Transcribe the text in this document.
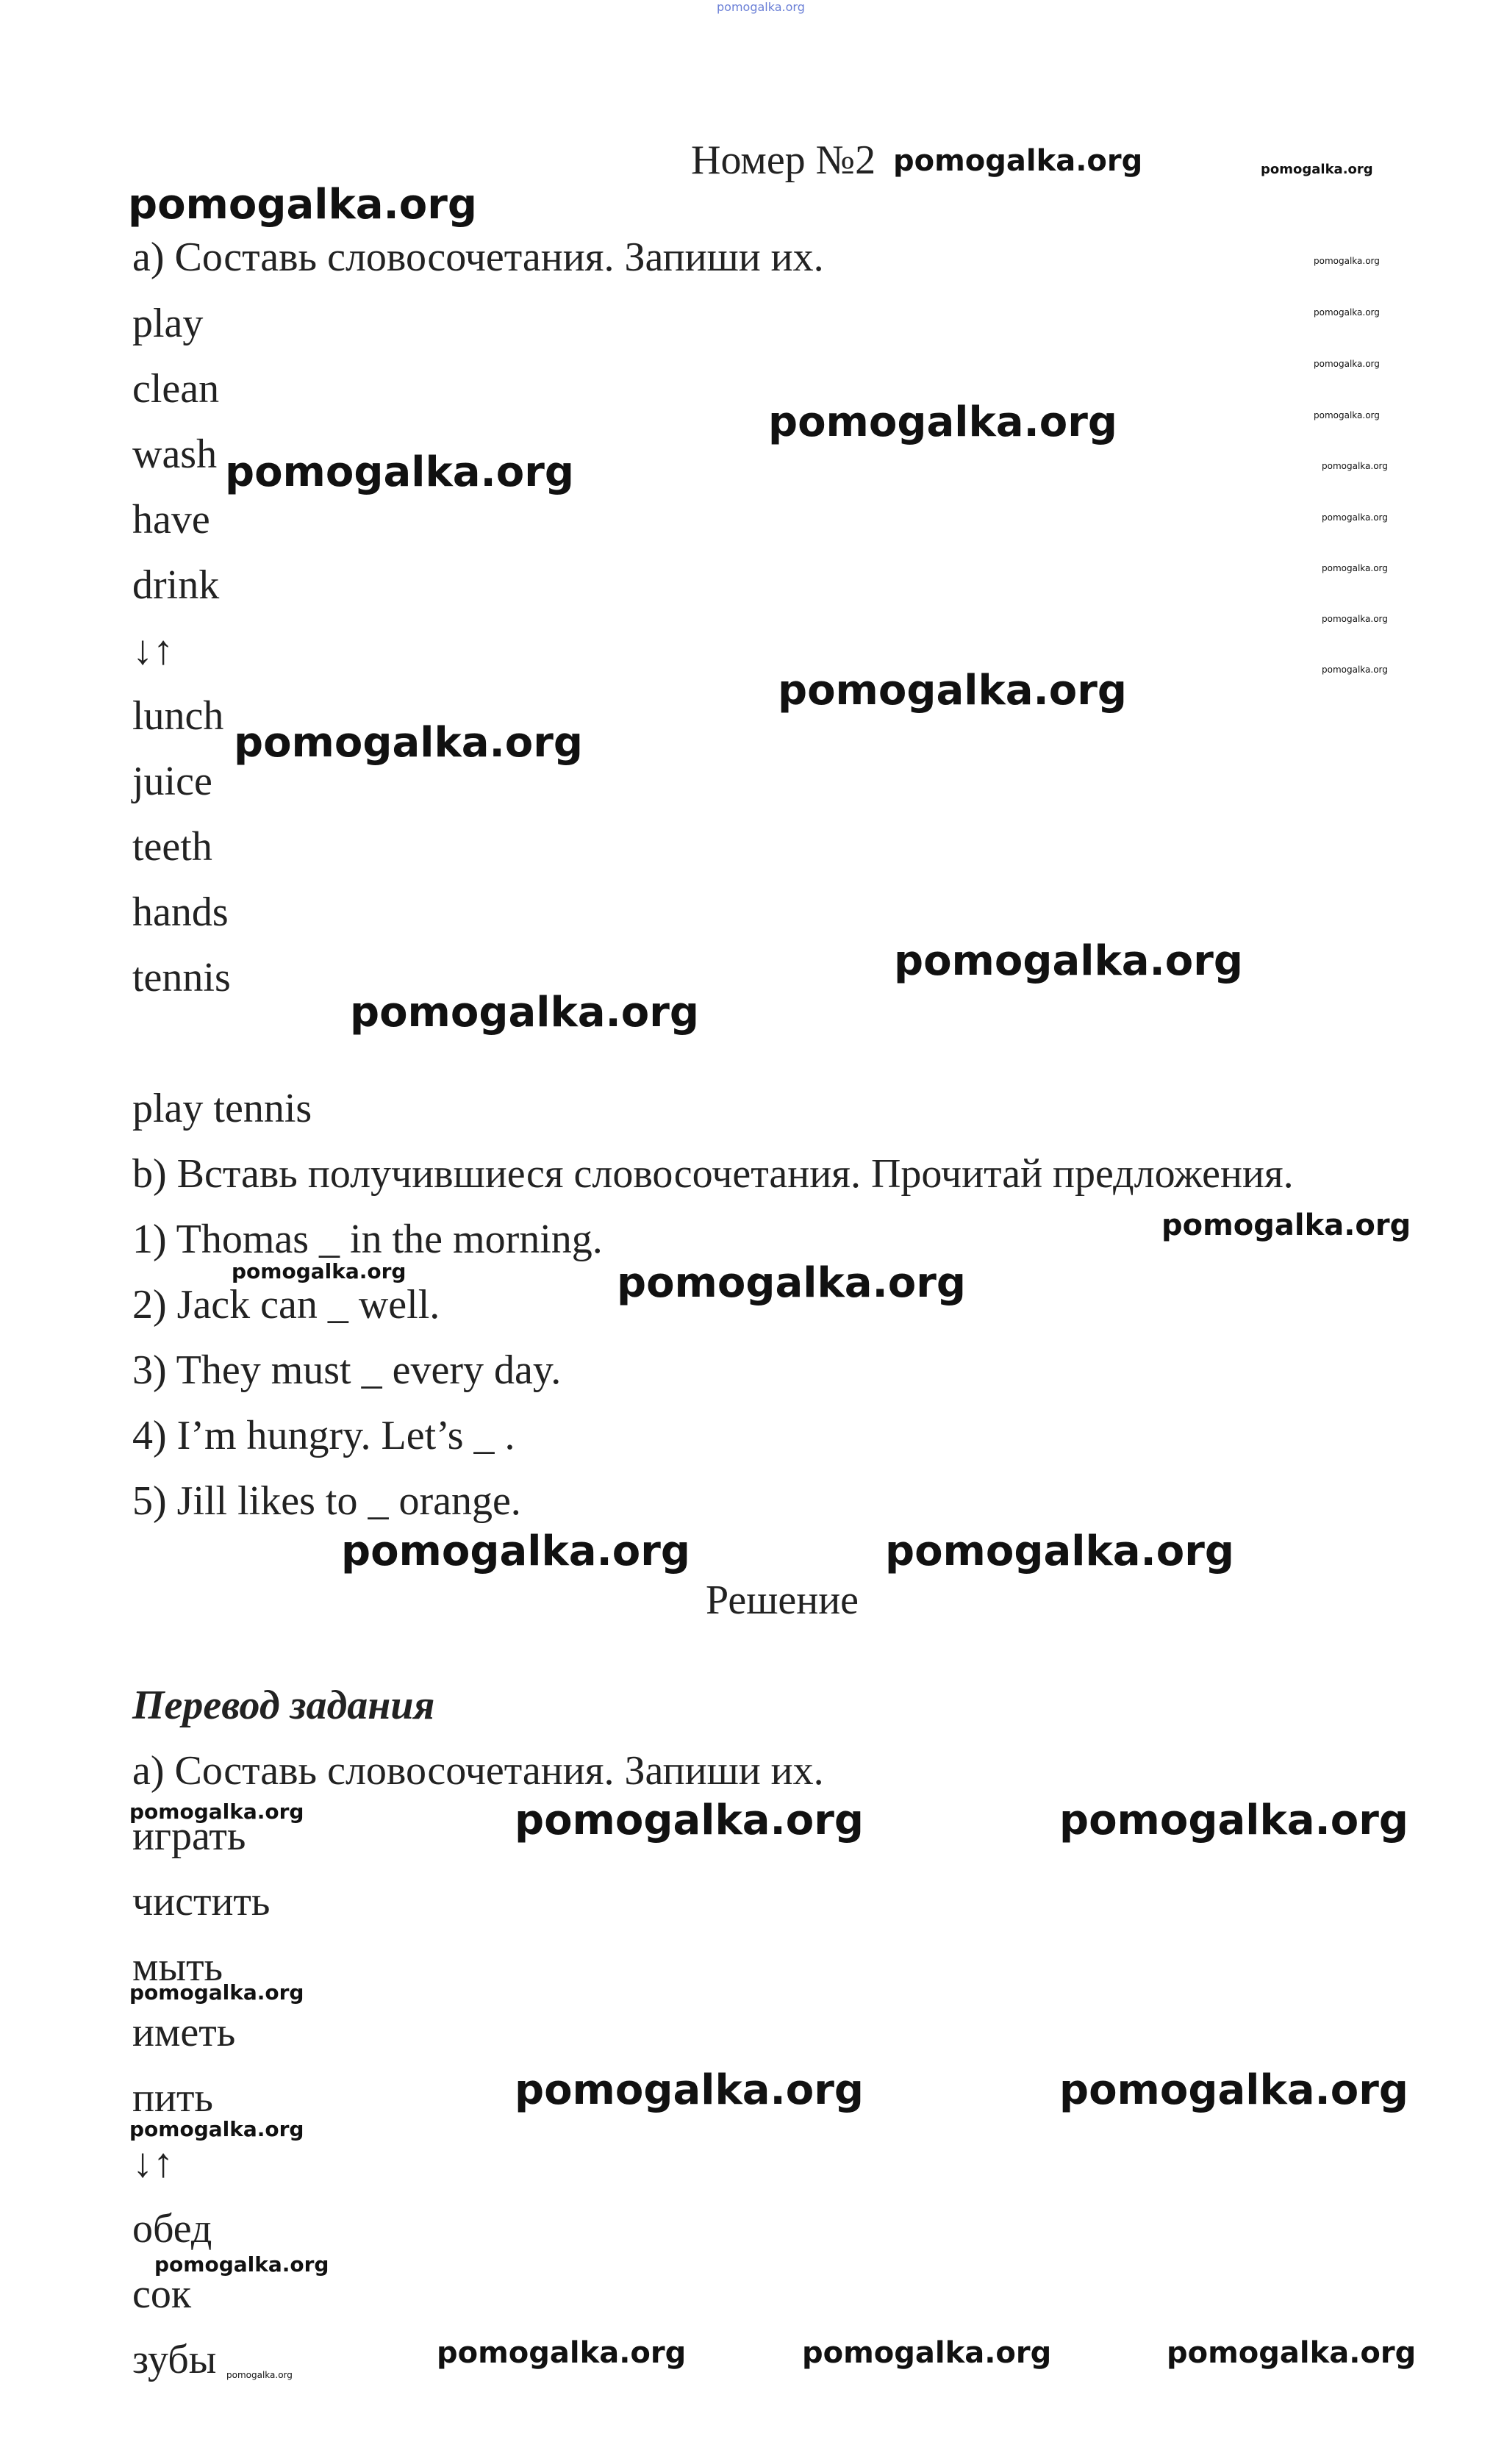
Номер №2
a) Составь словосочетания. Запиши их.
play
clean
wash
have
drink
↓↑
lunch
juice
teeth
hands
tennis
play tennis
b) Вставь получившиеся словосочетания. Прочитай предложения.
1) Thomas _ in the morning.
2) Jack can _ well.
3) They must _ every day.
4) I’m hungry. Let’s _ .
5) Jill likes to _ orange.
Решение
Перевод задания
а) Составь словосочетания. Запиши их.
играть
чистить
мыть
иметь
пить
↓↑
обед
сок
зубы
pomogalka.org
pomogalka.org	pomogalka.org
pomogalka.org
pomogalka.org
pomogalka.org
pomogalka.org
pomogalka.org
pomogalka.org
pomogalka.org
pomogalka.org
pomogalka.org
pomogalka.org
pomogalka.org
pomogalka.org
pomogalka.org
pomogalka.org
pomogalka.org
pomogalka.org
pomogalka.org
pomogalka.org	pomogalka.org
pomogalka.org	pomogalka.org
pomogalka.org	pomogalka.org	pomogalka.org
pomogalka.org
pomogalka.org	pomogalka.org
pomogalka.org
pomogalka.org
pomogalka.org
pomogalka.org	pomogalka.org	pomogalka.org
